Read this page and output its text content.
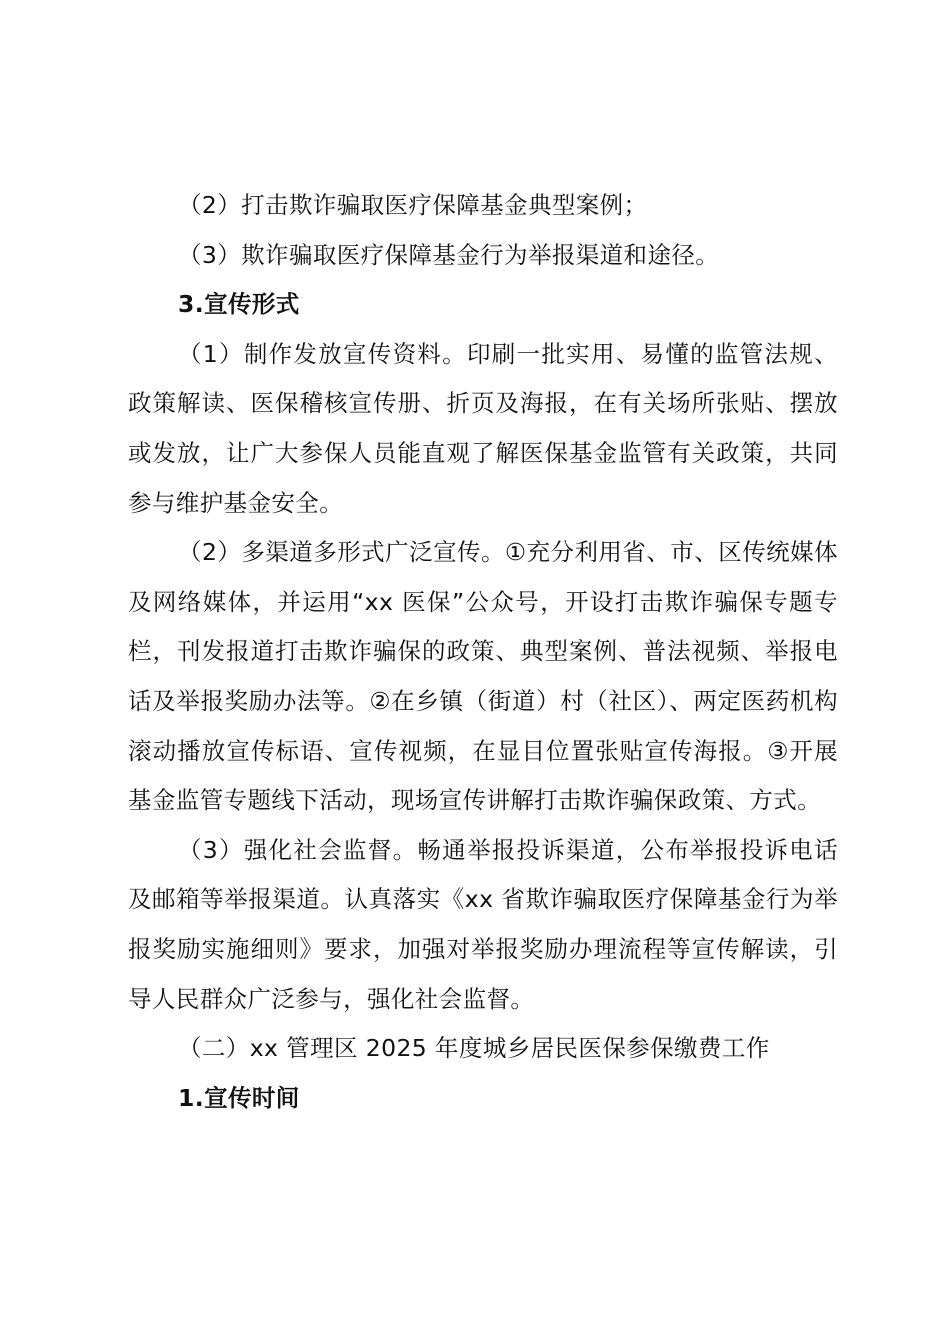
（2）打击欺诈骗取医疗保障基金典型案例；

（3）欺诈骗取医疗保障基金行为举报渠道和途径。

3.宣传形式

（1）制作发放宣传资料。印刷一批实用、易懂的监管法规、政策解读、医保稽核宣传册、折页及海报，在有关场所张贴、摆放或发放，让广大参保人员能直观了解医保基金监管有关政策，共同参与维护基金安全。

（2）多渠道多形式广泛宣传。①充分利用省、市、区传统媒体及网络媒体，并运用“xx 医保”公众号，开设打击欺诈骗保专题专栏，刊发报道打击欺诈骗保的政策、典型案例、普法视频、举报电话及举报奖励办法等。②在乡镇（街道）村（社区）、两定医药机构滚动播放宣传标语、宣传视频，在显目位置张贴宣传海报。③开展基金监管专题线下活动，现场宣传讲解打击欺诈骗保政策、方式。

（3）强化社会监督。畅通举报投诉渠道，公布举报投诉电话及邮箱等举报渠道。认真落实《xx 省欺诈骗取医疗保障基金行为举报奖励实施细则》要求，加强对举报奖励办理流程等宣传解读，引导人民群众广泛参与，强化社会监督。

（二）xx 管理区 2025 年度城乡居民医保参保缴费工作

1.宣传时间
